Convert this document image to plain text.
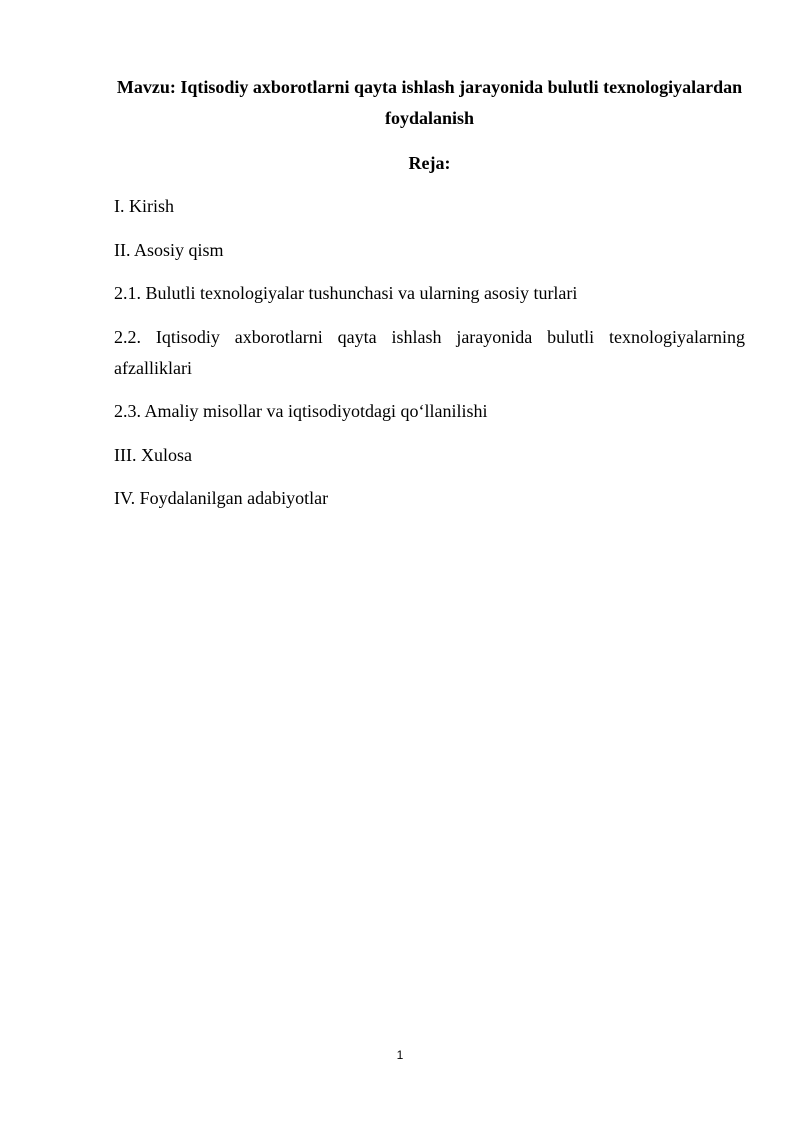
Mavzu: Iqtisodiy axborotlarni qayta ishlash jarayonida bulutli texnologiyalardan foydalanish
Reja:
I. Kirish
II. Asosiy qism
2.1. Bulutli texnologiyalar tushunchasi va ularning asosiy turlari
2.2. Iqtisodiy axborotlarni qayta ishlash jarayonida bulutli texnologiyalarning afzalliklari
2.3. Amaliy misollar va iqtisodiyotdagi qo‘llanilishi
III. Xulosa
IV. Foydalanilgan adabiyotlar
1
